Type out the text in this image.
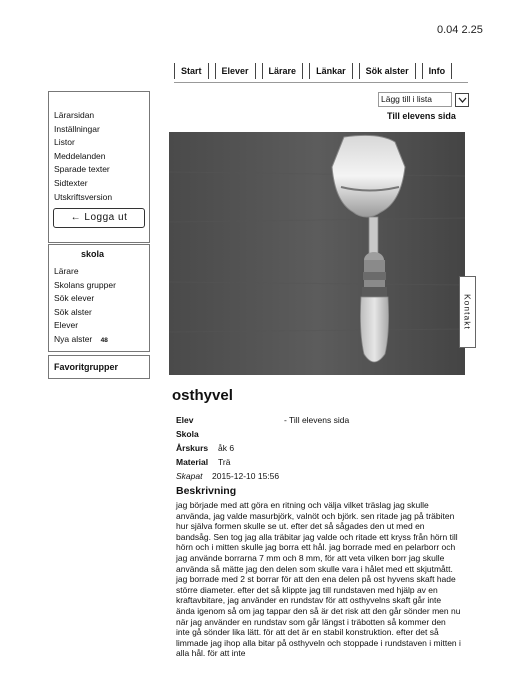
0.04 2.25
Start	Elever	Lärare	Länkar	Sök alster	Info
Lärarsidan
Inställningar
Listor
Meddelanden
Sparade texter
Sidtexter
Utskriftsversion
← Logga ut
skola
Lärare
Skolans grupper
Sök elever
Sök alster
Elever
Nya alster 48
Favoritgrupper
Lägg till i lista
Till elevens sida
Kontakt
osthyvel
Elev	- Till elevens sida
Skola
Årskurs	åk 6
Material	Trä
Skapat	2015-12-10 15:56
Beskrivning
jag började med att göra en ritning och välja vilket träslag jag skulle använda, jag valde masurbjörk, valnöt och björk. sen ritade jag på träbiten hur själva formen skulle se ut. efter det så sågades den ut med en bandsåg. Sen tog jag alla träbitar jag valde och ritade ett kryss från hörn till hörn och i mitten skulle jag borra ett hål. jag borrade med en pelarborr och jag använde borrarna 7 mm och 8 mm, för att veta vilken borr jag skulle använda så mätte jag den delen som skulle vara i hålet med ett skjutmått. jag borrade med 2 st borrar för att den ena delen på ost hyvens skaft hade större diameter. efter det så klippte jag till rundstaven med hjälp av en kraftavbitare, jag använder en rundstav för att osthyvelns skaft går inte ända igenom så om jag tappar den så är det risk att den går sönder men nu när jag använder en rundstav som går längst i träbotten så kommer den inte gå sönder lika lätt. för att det är en stabil konstruktion. efter det så limmade jag ihop alla bitar på osthyveln och stoppade i rundstaven i mitten i alla hål. för att inte
